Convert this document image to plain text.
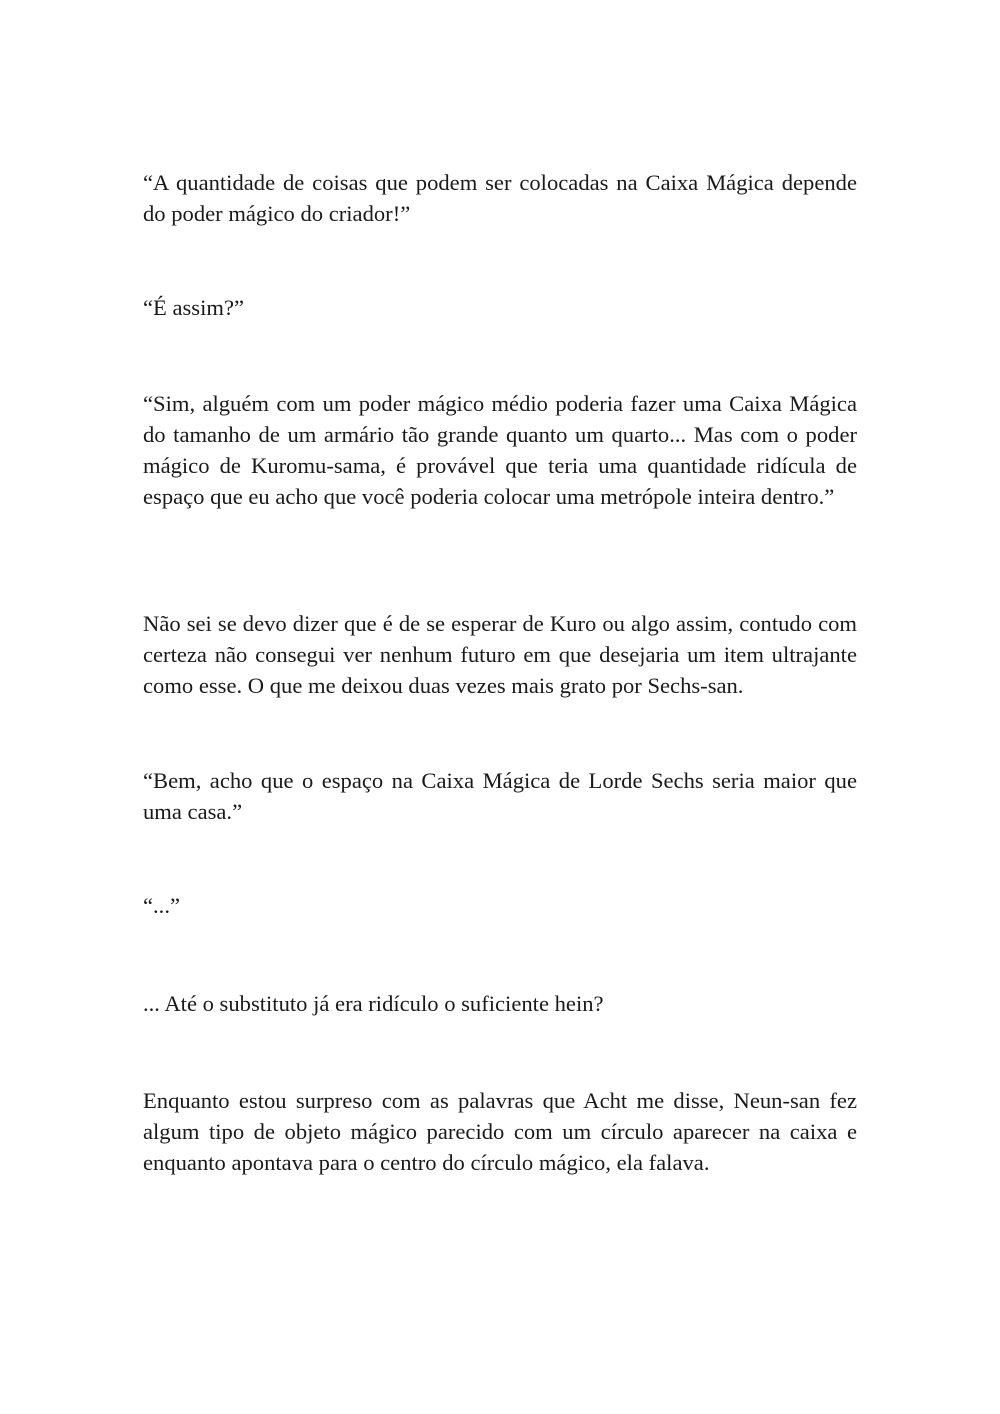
“A quantidade de coisas que podem ser colocadas na Caixa Mágica depende do poder mágico do criador!”

“É assim?”

“Sim, alguém com um poder mágico médio poderia fazer uma Caixa Mágica do tamanho de um armário tão grande quanto um quarto... Mas com o poder mágico de Kuromu-sama, é provável que teria uma quantidade ridícula de espaço que eu acho que você poderia colocar uma metrópole inteira dentro.”

Não sei se devo dizer que é de se esperar de Kuro ou algo assim, contudo com certeza não consegui ver nenhum futuro em que desejaria um item ultrajante como esse. O que me deixou duas vezes mais grato por Sechs-san.

“Bem, acho que o espaço na Caixa Mágica de Lorde Sechs seria maior que uma casa.”

“...”

... Até o substituto já era ridículo o suficiente hein?

Enquanto estou surpreso com as palavras que Acht me disse, Neun-san fez algum tipo de objeto mágico parecido com um círculo aparecer na caixa e enquanto apontava para o centro do círculo mágico, ela falava.
